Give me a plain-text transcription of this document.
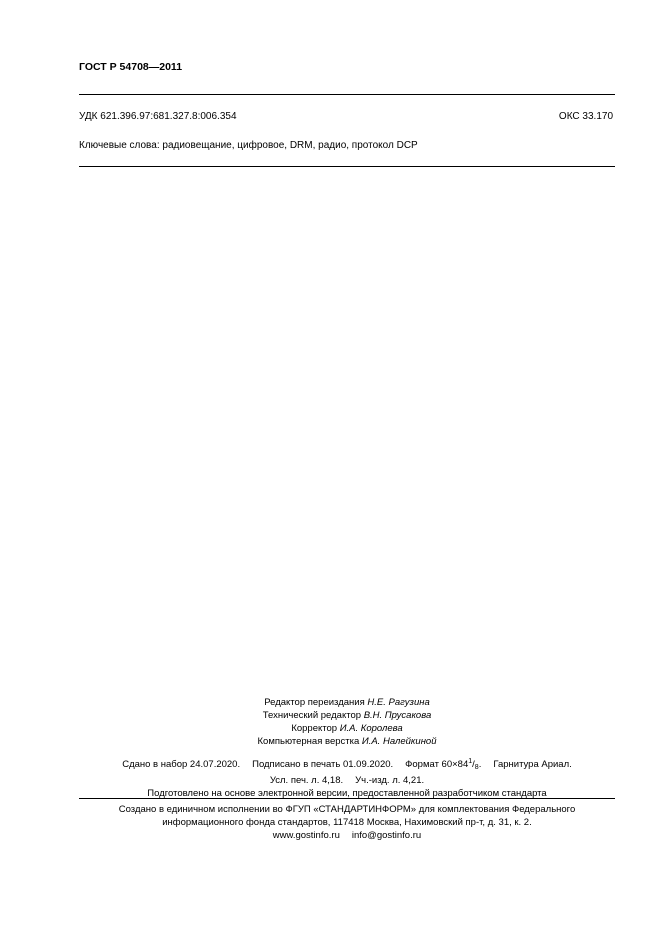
ГОСТ Р 54708—2011
УДК 621.396.97:681.327.8:006.354	ОКС 33.170
Ключевые слова: радиовещание, цифровое, DRM, радио, протокол DCP
Редактор переиздания Н.Е. Рагузина
Технический редактор В.Н. Прусакова
Корректор И.А. Королева
Компьютерная верстка И.А. Налейкиной
Сдано в набор 24.07.2020. Подписано в печать 01.09.2020. Формат $60\times 84^1/_8$. Гарнитура Ариал.
Усл. печ. л. 4,18. Уч.-изд. л. 4,21.
Подготовлено на основе электронной версии, предоставленной разработчиком стандарта
Создано в единичном исполнении во ФГУП «СТАНДАРТИНФОРМ» для комплектования Федерального
информационного фонда стандартов, 117418 Москва, Нахимовский пр-т, д. 31, к. 2.
www.gostinfo.ru info@gostinfo.ru
